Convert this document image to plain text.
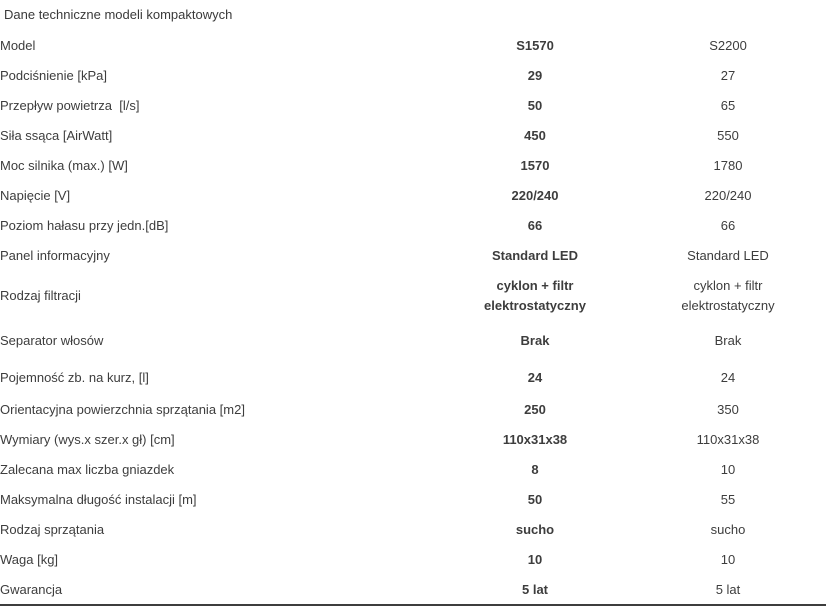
Dane techniczne modeli kompaktowych
Model	S1570	S2200
Podciśnienie [kPa]	29	27
Przepływ powietrza  [l/s]	50	65
Siła ssąca [AirWatt]	450	550
Moc silnika (max.) [W]	1570	1780
Napięcie [V]	220/240	220/240
Poziom hałasu przy jedn.[dB]	66	66
Panel informacyjny	Standard LED	Standard LED
Rodzaj filtracji	cyklon + filtr elektrostatyczny	cyklon + filtr elektrostatyczny
Separator włosów	Brak	Brak
Pojemność zb. na kurz, [l]	24	24
Orientacyjna powierzchnia sprzątania [m2]	250	350
Wymiary (wys.x szer.x gł) [cm]	110x31x38	110x31x38
Zalecana max liczba gniazdek	8	10
Maksymalna długość instalacji [m]	50	55
Rodzaj sprzątania	sucho	sucho
Waga [kg]	10	10
Gwarancja	5 lat	5 lat
